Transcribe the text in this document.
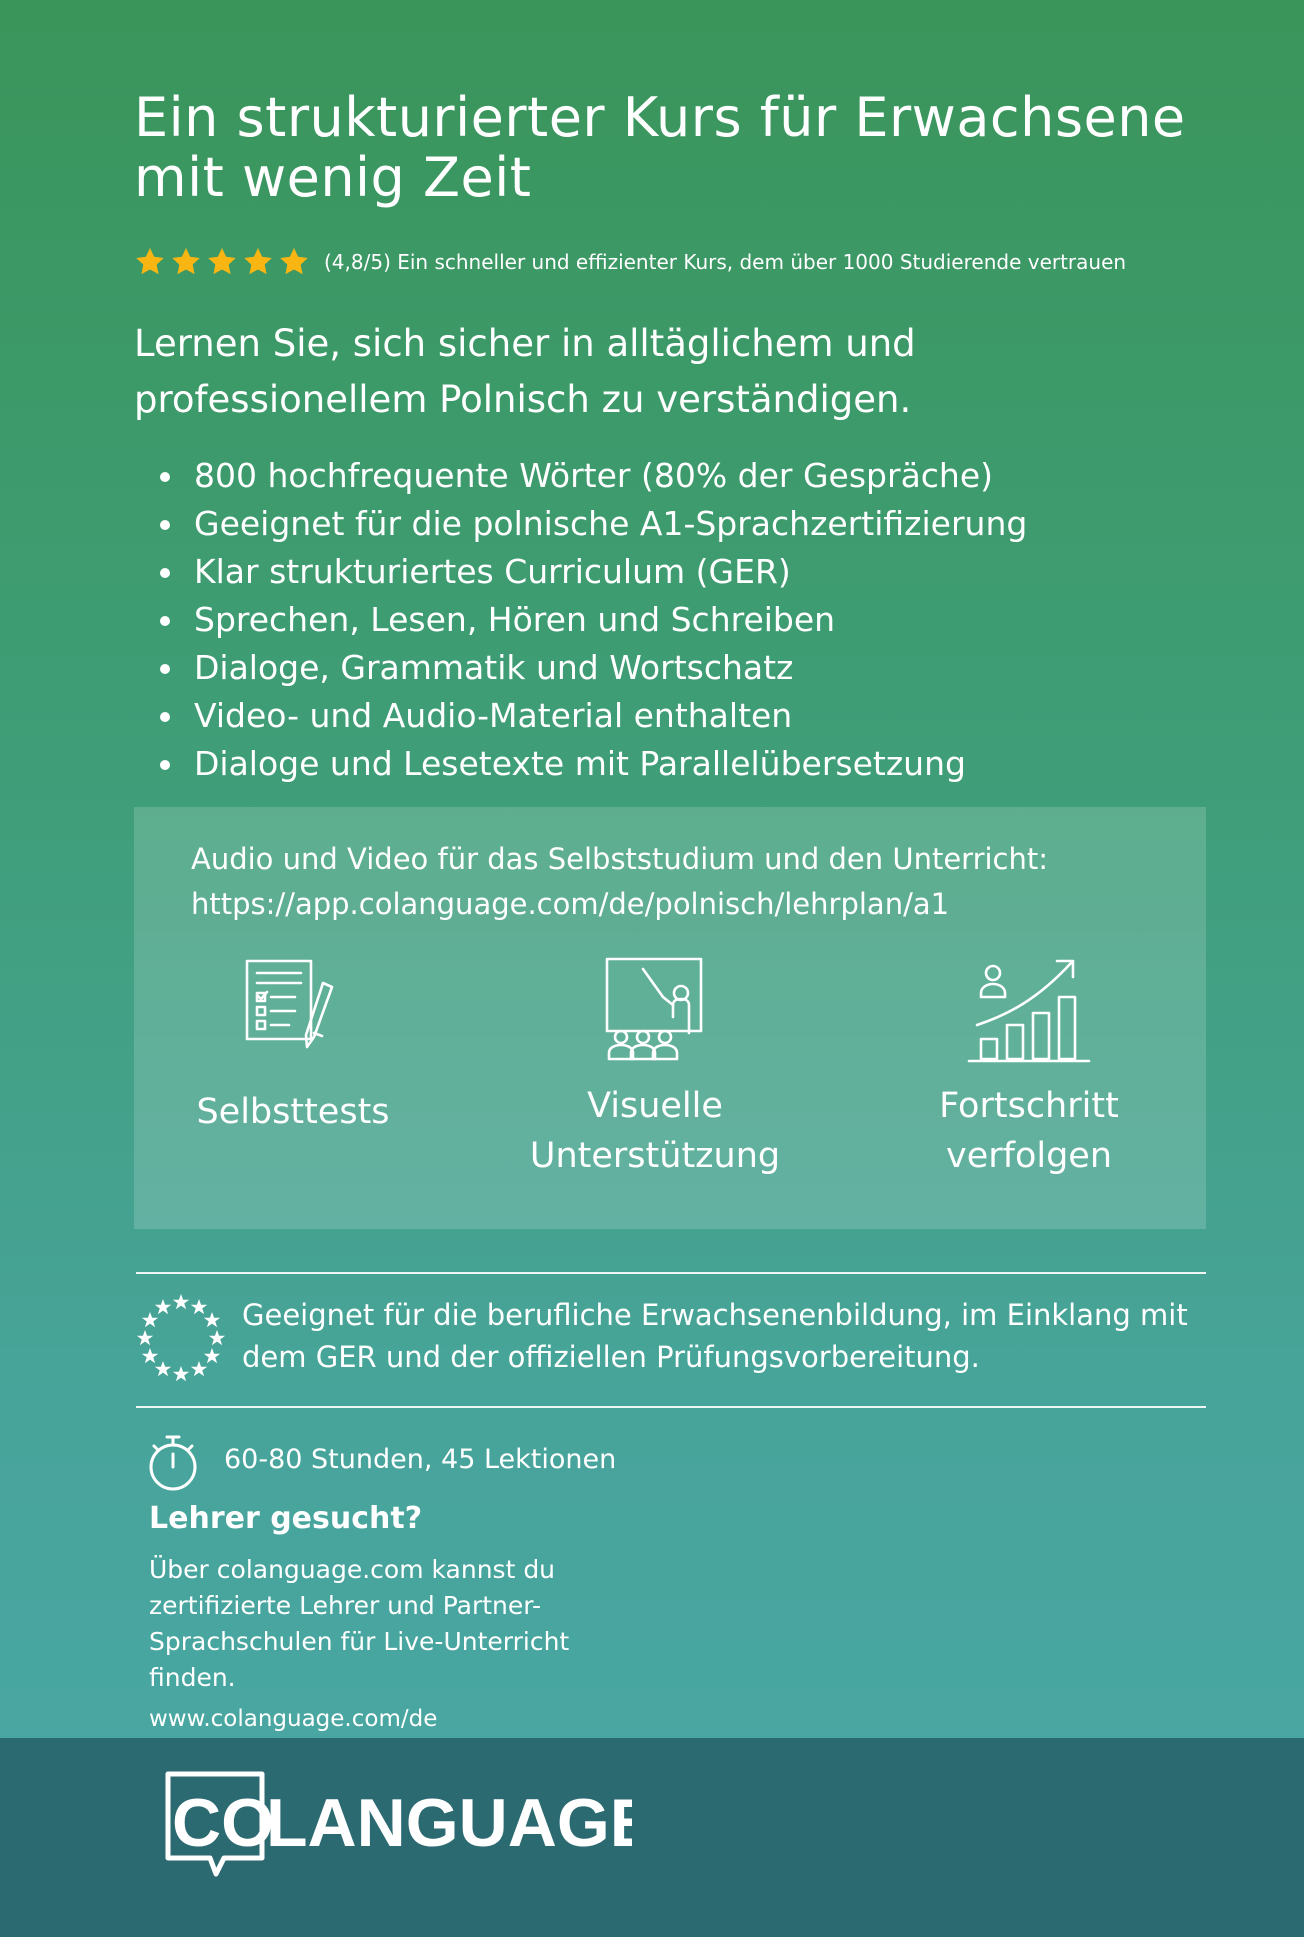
Ein strukturierter Kurs für Erwachsene mit wenig Zeit
(4,8/5) Ein schneller und effizienter Kurs, dem über 1000 Studierende vertrauen

Lernen Sie, sich sicher in alltäglichem und professionellem Polnisch zu verständigen.

800 hochfrequente Wörter (80% der Gespräche)
Geeignet für die polnische A1-Sprachzertifizierung
Klar strukturiertes Curriculum (GER)
Sprechen, Lesen, Hören und Schreiben
Dialoge, Grammatik und Wortschatz
Video- und Audio-Material enthalten
Dialoge und Lesetexte mit Parallelübersetzung
Audio und Video für das Selbststudium und den Unterricht:
https://app.colanguage.com/de/polnisch/lehrplan/a1
Selbsttests	Visuelle
Unterstützung
Fortschritt
verfolgen
Geeignet für die berufliche Erwachsenenbildung, im Einklang mit dem GER und der offiziellen Prüfungsvorbereitung.
60-80 Stunden, 45 Lektionen
Lehrer gesucht?
Über colanguage.com kannst du zertifizierte Lehrer und Partner-Sprachschulen für Live-Unterricht finden.
www.colanguage.com/de
CO
LANGUAGE
